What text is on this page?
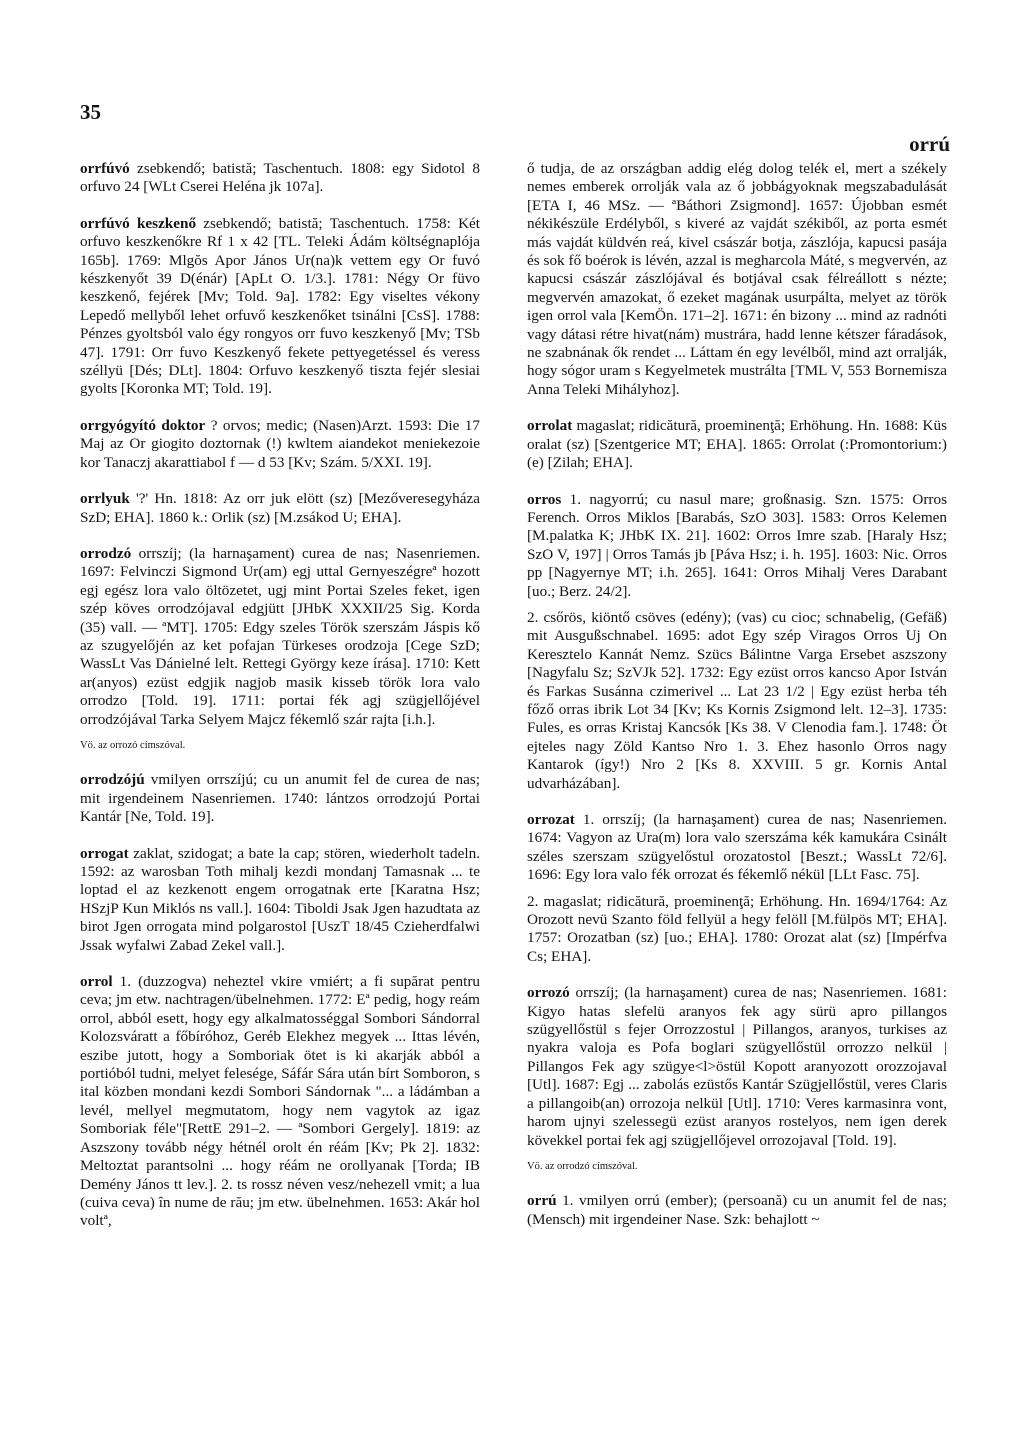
35
orrú

orrfúvó zsebkendő; batistă; Taschentuch. 1808: egy Sidotol 8 orfuvo 24 [WLt Cserei Heléna jk 107a].

orrfúvó keszkenő zsebkendő; batistă; Taschentuch. 1758: Két orfuvo keszkenőkre Rf 1 x 42 [TL. Teleki Ádám költségnaplója 165b]. 1769: Mlgŏs Apor János Ur(na)k vettem egy Or fuvó készkenyőt 39 D(énár) [ApLt O. 1/3.]. 1781: Négy Or füvo keszkenő, fejérek [Mv; Told. 9a]. 1782: Egy viseltes vékony Lepedő mellyből lehet orfuvő keszkenőket tsinálni [CsS]. 1788: Pénzes gyoltsból valo égy rongyos orr fuvo keszkenyő [Mv; TSb 47]. 1791: Orr fuvo Keszkenyő fekete pettyegetéssel és veress széllyü [Dés; DLt]. 1804: Orfuvo keszkenyő tiszta fejér slesiai gyolts [Koronka MT; Told. 19].

orrgyógyító doktor ? orvos; medic; (Nasen)Arzt. 1593: Die 17 Maj az Or giogito doztornak (!) kwltem aiandekot meniekezoie kor Tanaczj akarattiabol f — d 53 [Kv; Szám. 5/XXI. 19].

orrlyuk '?' Hn. 1818: Az orr juk elött (sz) [Mezőveresegyháza SzD; EHA]. 1860 k.: Orlik (sz) [M.zsákod U; EHA].

orrodzó orrszíj; (la harnaşament) curea de nas; Nasenriemen. 1697: Felvinczi Sigmond Ur(am) egj uttal Gernyeszégreª hozott egj egész lora valo öltözetet, ugj mint Portai Szeles feket, igen szép köves orrodzójaval edgjütt [JHbK XXXII/25 Sig. Korda (35) vall. — ªMT]. 1705: Edgy szeles Török szerszám Jáspis kő az szugyelőjén az ket pofajan Türkeses orodzoja [Cege SzD; WassLt Vas Dánielné lelt. Rettegi György keze írása]. 1710: Kett ar(anyos) ezüst edgjik nagjob masik kisseb török lora valo orrodzo [Told. 19]. 1711: portai fék agj szügjellőjével orrodzójával Tarka Selyem Majcz fékemlő szár rajta [i.h.].

Vö. az orrozó címszóval.

orrodzójú vmilyen orrszíjú; cu un anumit fel de curea de nas; mit irgendeinem Nasenriemen. 1740: lántzos orrodzojú Portai Kantár [Ne, Told. 19].

orrogat zaklat, szidogat; a bate la cap; stören, wiederholt tadeln. 1592: az warosban Toth mihalj kezdi mondanj Tamasnak ... te loptad el az kezkenott engem orrogatnak erte [Karatna Hsz; HSzjP Kun Miklós ns vall.]. 1604: Tiboldi Jsak Jgen hazudtata az birot Jgen orrogata mind polgarostol [UszT 18/45 Czieherdfalwi Jssak wyfalwi Zabad Zekel vall.].

orrol 1. (duzzogva) neheztel vkire vmiért; a fi supărat pentru ceva; jm etw. nachtragen/übelnehmen. 1772: Eª pedig, hogy reám orrol, abból esett, hogy egy alkalmatosséggal Sombori Sándorral Kolozsváratt a főbíróhoz, Geréb Elekhez megyek ... Ittas lévén, eszibe jutott, hogy a Somboriak ötet is ki akarják abból a portióból tudni, melyet felesége, Sáfár Sára után bírt Somboron, s ital közben mondani kezdi Sombori Sándornak "... a ládámban a levél, mellyel megmutatom, hogy nem vagytok az igaz Somboriak féle"[RettE 291–2. — ªSombori Gergely]. 1819: az Aszszony tovább négy hétnél orolt én réám [Kv; Pk 2]. 1832: Meltoztat parantsolni ... hogy réám ne orollyanak [Torda; IB Demény János tt lev.]. 2. ts rossz néven vesz/nehezell vmit; a lua (cuiva ceva) în nume de rău; jm etw. übelnehmen. 1653: Akár hol voltª,

ő tudja, de az országban addig elég dolog telék el, mert a székely nemes emberek orrolják vala az ő jobbágyoknak megszabadulását [ETA I, 46 MSz. — ªBáthori Zsigmond]. 1657: Újobban esmét nékikészüle Erdélyből, s kiveré az vajdát székiből, az porta esmét más vajdát küldvén reá, kivel császár botja, zászlója, kapucsi pasája és sok fő boérok is lévén, azzal is megharcola Máté, s megvervén, az kapucsi császár zászlójával és botjával csak félreállott s nézte; megvervén amazokat, ő ezeket magának usurpálta, melyet az török igen orrol vala [KemÖn. 171–2]. 1671: én bizony ... mind az radnóti vagy dátasi rétre hivat(nám) mustrára, hadd lenne kétszer fáradások, ne szabnának ők rendet ... Láttam én egy levélből, mind azt orralják, hogy sógor uram s Kegyelmetek mustrálta [TML V, 553 Bornemisza Anna Teleki Mihályhoz].

orrolat magaslat; ridicătură, proeminenţă; Erhöhung. Hn. 1688: Küs oralat (sz) [Szentgerice MT; EHA]. 1865: Orrolat (:Promontorium:) (e) [Zilah; EHA].

orros 1. nagyorrú; cu nasul mare; großnasig. Szn. 1575: Orros Ferench. Orros Miklos [Barabás, SzO 303]. 1583: Orros Kelemen [M.palatka K; JHbK IX. 21]. 1602: Orros Imre szab. [Haraly Hsz; SzO V, 197] | Orros Tamás jb [Páva Hsz; i. h. 195]. 1603: Nic. Orros pp [Nagyernye MT; i.h. 265]. 1641: Orros Mihalj Veres Darabant [uo.; Berz. 24/2].

2. csőrös, kiöntő csöves (edény); (vas) cu cioc; schnabelig, (Gefäß) mit Ausgußschnabel. 1695: adot Egy szép Viragos Orros Uj On Keresztelo Kannát Nemz. Szücs Bálintne Varga Ersebet aszszony [Nagyfalu Sz; SzVJk 52]. 1732: Egy ezüst orros kancso Apor István és Farkas Susánna czimerivel ... Lat 23 1/2 | Egy ezüst herba téh főző orras ibrik Lot 34 [Kv; Ks Kornis Zsigmond lelt. 12–3]. 1735: Fules, es orras Kristaj Kancsók [Ks 38. V Clenodia fam.]. 1748: Öt ejteles nagy Zöld Kantso Nro 1. 3. Ehez hasonlo Orros nagy Kantarok (így!) Nro 2 [Ks 8. XXVIII. 5 gr. Kornis Antal udvarházában].

orrozat 1. orrszíj; (la harnaşament) curea de nas; Nasenriemen. 1674: Vagyon az Ura(m) lora valo szerszáma kék kamukára Csinált széles szerszam szügyelőstul orozatostol [Beszt.; WassLt 72/6]. 1696: Egy lora valo fék orrozat és fékemlő nékül [LLt Fasc. 75].

2. magaslat; ridicătură, proeminenţă; Erhöhung. Hn. 1694/1764: Az Orozott nevü Szanto föld fellyül a hegy felöll [M.fülpös MT; EHA]. 1757: Orozatban (sz) [uo.; EHA]. 1780: Orozat alat (sz) [Impérfva Cs; EHA].

orrozó orrszíj; (la harnaşament) curea de nas; Nasenriemen. 1681: Kigyo hatas slefelü aranyos fek agy sürü apro pillangos szügyellőstül s fejer Orrozzostul | Pillangos, aranyos, turkises az nyakra valoja es Pofa boglari szügyellőstül orrozzo nelkül | Pillangos Fek agy szügye<l>östül Kopott aranyozott orozzojaval [Utl]. 1687: Egj ... zabolás ezüstős Kantár Szügjellőstül, veres Claris a pillangoib(an) orrozoja nelkül [Utl]. 1710: Veres karmasinra vont, harom ujnyi szelessegü ezüst aranyos rostelyos, nem igen derek kövekkel portai fek agj szügjellőjevel orrozojaval [Told. 19].

Vö. az orrodzó címszóval.

orrú 1. vmilyen orrú (ember); (persoană) cu un anumit fel de nas; (Mensch) mit irgendeiner Nase. Szk: behajlott ~
